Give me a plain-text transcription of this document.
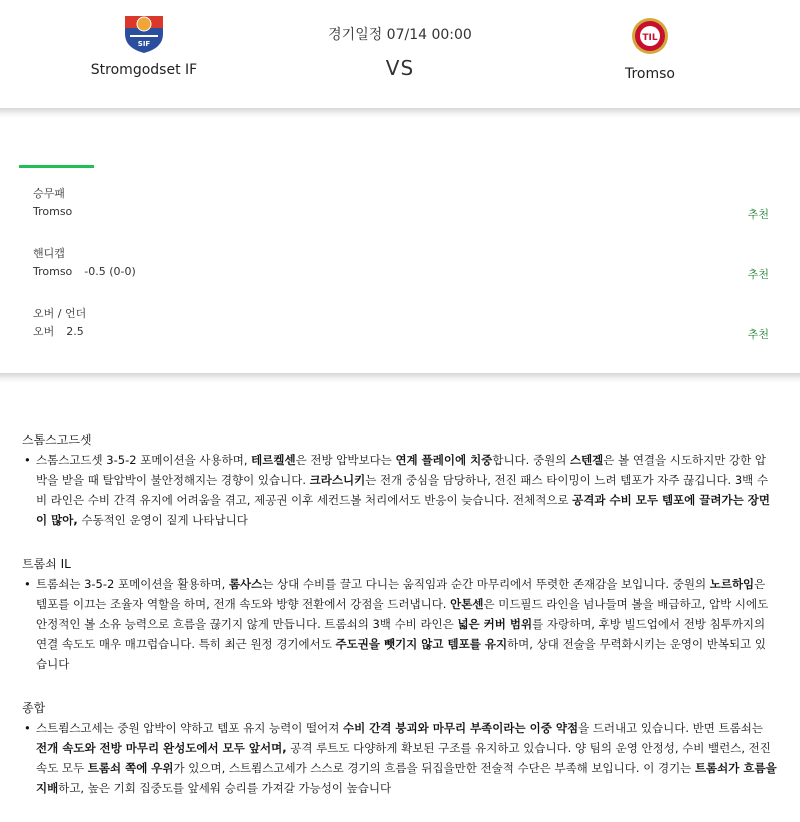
SIF
Stromgodset IF
경기일정 07/14 00:00
VS
TIL
Tromso
승무패
Tromso	추천
핸디캡
Tromso -0.5 (0-0)	추천
오버 / 언더
오버 2.5	추천
스톰스고드셋
• 스톰스고드셋 3-5-2 포메이션을 사용하며, 테르켈센은 전방 압박보다는 연계 플레이에 치중합니다. 중원의 스텐겔은 볼 연결을 시도하지만 강한 압박을 받을 때 탈압박이 불안정해지는 경향이 있습니다. 크라스니키는 전개 중심을 담당하나, 전진 패스 타이밍이 느려 템포가 자주 끊깁니다. 3백 수비 라인은 수비 간격 유지에 어려움을 겪고, 제공권 이후 세컨드볼 처리에서도 반응이 늦습니다. 전체적으로 공격과 수비 모두 템포에 끌려가는 장면이 많아, 수동적인 운영이 짙게 나타납니다
트롬쇠 IL
• 트롬쇠는 3-5-2 포메이션을 활용하며, 롬사스는 상대 수비를 끌고 다니는 움직임과 순간 마무리에서 뚜렷한 존재감을 보입니다. 중원의 노르하임은 템포를 이끄는 조율자 역할을 하며, 전개 속도와 방향 전환에서 강점을 드러냅니다. 안톤센은 미드필드 라인을 넘나들며 볼을 배급하고, 압박 시에도 안정적인 볼 소유 능력으로 흐름을 끊기지 않게 만듭니다. 트롬쇠의 3백 수비 라인은 넓은 커버 범위를 자랑하며, 후방 빌드업에서 전방 침투까지의 연결 속도도 매우 매끄럽습니다. 특히 최근 원정 경기에서도 주도권을 뺏기지 않고 템포를 유지하며, 상대 전술을 무력화시키는 운영이 반복되고 있습니다
종합
• 스트룀스고세는 중원 압박이 약하고 템포 유지 능력이 떨어져 수비 간격 붕괴와 마무리 부족이라는 이중 약점을 드러내고 있습니다. 반면 트롬쇠는 전개 속도와 전방 마무리 완성도에서 모두 앞서며, 공격 루트도 다양하게 확보된 구조를 유지하고 있습니다. 양 팀의 운영 안정성, 수비 밸런스, 전진 속도 모두 트롬쇠 쪽에 우위가 있으며, 스트룀스고세가 스스로 경기의 흐름을 뒤집을만한 전술적 수단은 부족해 보입니다. 이 경기는 트롬쇠가 흐름을 지배하고, 높은 기회 집중도를 앞세워 승리를 가져갈 가능성이 높습니다
